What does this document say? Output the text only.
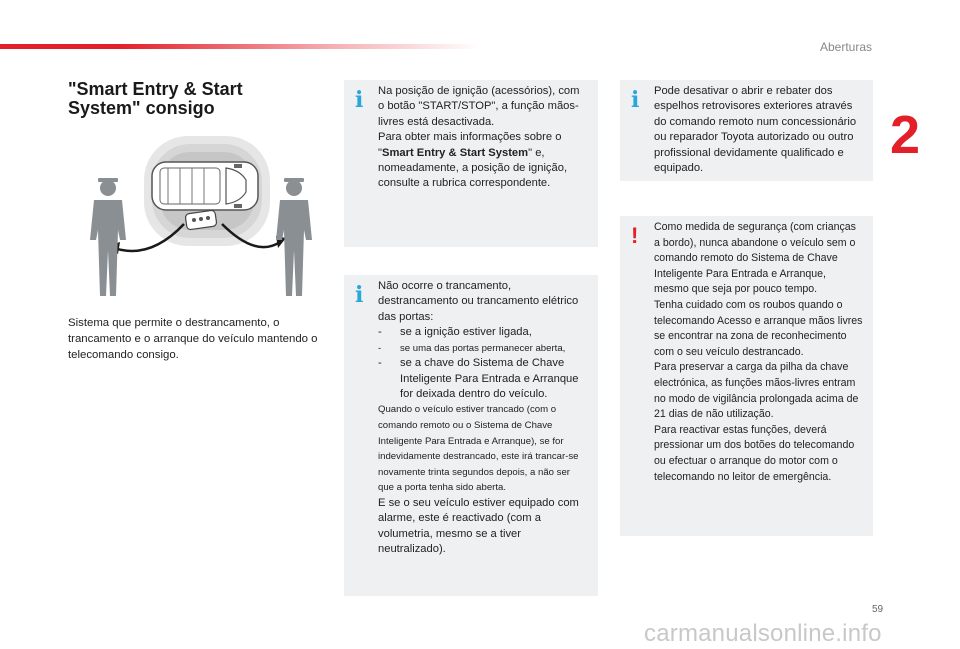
Aberturas
2
"Smart Entry & Start System" consigo

Sistema que permite o destrancamento, o trancamento e o arranque do veículo mantendo o telecomando consigo.

i Na posição de ignição (acessórios), com o botão "START/STOP", a função mãos-livres está desactivada.
Para obter mais informações sobre o "Smart Entry & Start System" e, nomeadamente, a posição de ignição, consulte a rubrica correspondente.
i Não ocorre o trancamento, destrancamento ou trancamento elétrico das portas:
-	se a ignição estiver ligada,
-	se uma das portas permanecer aberta,
-	se a chave do Sistema de Chave Inteligente Para Entrada e Arranque for deixada dentro do veículo.
Quando o veículo estiver trancado (com o comando remoto ou o Sistema de Chave Inteligente Para Entrada e Arranque), se for indevidamente destrancado, este irá trancar-se novamente trinta segundos depois, a não ser que a porta tenha sido aberta.
E se o seu veículo estiver equipado com alarme, este é reactivado (com a volumetria, mesmo se a tiver neutralizado).
i Pode desativar o abrir e rebater dos espelhos retrovisores exteriores através do comando remoto num concessionário ou reparador Toyota autorizado ou outro profissional devidamente qualificado e equipado.
! Como medida de segurança (com crianças a bordo), nunca abandone o veículo sem o comando remoto do Sistema de Chave Inteligente Para Entrada e Arranque, mesmo que seja por pouco tempo.
Tenha cuidado com os roubos quando o telecomando Acesso e arranque mãos livres se encontrar na zona de reconhecimento com o seu veículo destrancado.
Para preservar a carga da pilha da chave electrónica, as funções mãos-livres entram no modo de vigilância prolongada acima de 21 dias de não utilização.
Para reactivar estas funções, deverá pressionar um dos botões do telecomando ou efectuar o arranque do motor com o telecomando no leitor de emergência.
59
carmanualsonline.info
